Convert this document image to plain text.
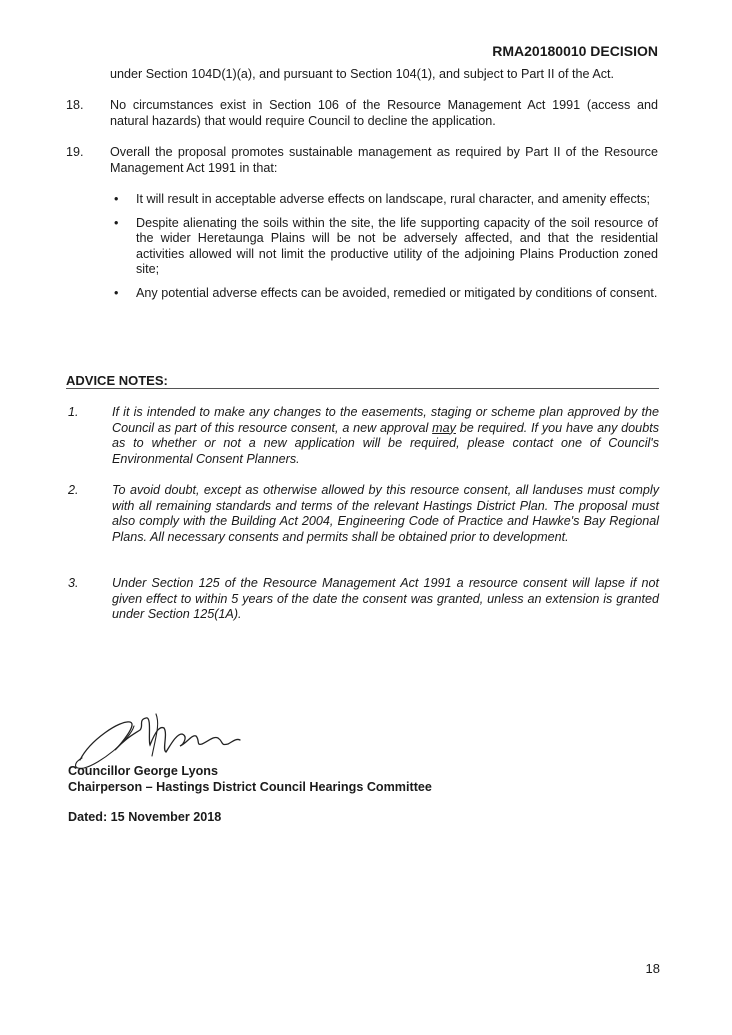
RMA20180010 DECISION
under Section 104D(1)(a), and pursuant to Section 104(1), and subject to Part II of the Act.
18. No circumstances exist in Section 106 of the Resource Management Act 1991 (access and natural hazards) that would require Council to decline the application.
19. Overall the proposal promotes sustainable management as required by Part II of the Resource Management Act 1991 in that:

• It will result in acceptable adverse effects on landscape, rural character, and amenity effects;

• Despite alienating the soils within the site, the life supporting capacity of the soil resource of the wider Heretaunga Plains will be not be adversely affected, and that the residential activities allowed will not limit the productive utility of the adjoining Plains Production zoned site;

• Any potential adverse effects can be avoided, remedied or mitigated by conditions of consent.

ADVICE NOTES:
1.	If it is intended to make any changes to the easements, staging or scheme plan approved by the Council as part of this resource consent, a new approval may be required. If you have any doubts as to whether or not a new application will be required, please contact one of Council's Environmental Consent Planners.
2.	To avoid doubt, except as otherwise allowed by this resource consent, all landuses must comply with all remaining standards and terms of the relevant Hastings District Plan. The proposal must also comply with the Building Act 2004, Engineering Code of Practice and Hawke's Bay Regional Plans. All necessary consents and permits shall be obtained prior to development.
3.	Under Section 125 of the Resource Management Act 1991 a resource consent will lapse if not given effect to within 5 years of the date the consent was granted, unless an extension is granted under Section 125(1A).
Councillor George Lyons
Chairperson – Hastings District Council Hearings Committee
Dated: 15 November 2018
18
